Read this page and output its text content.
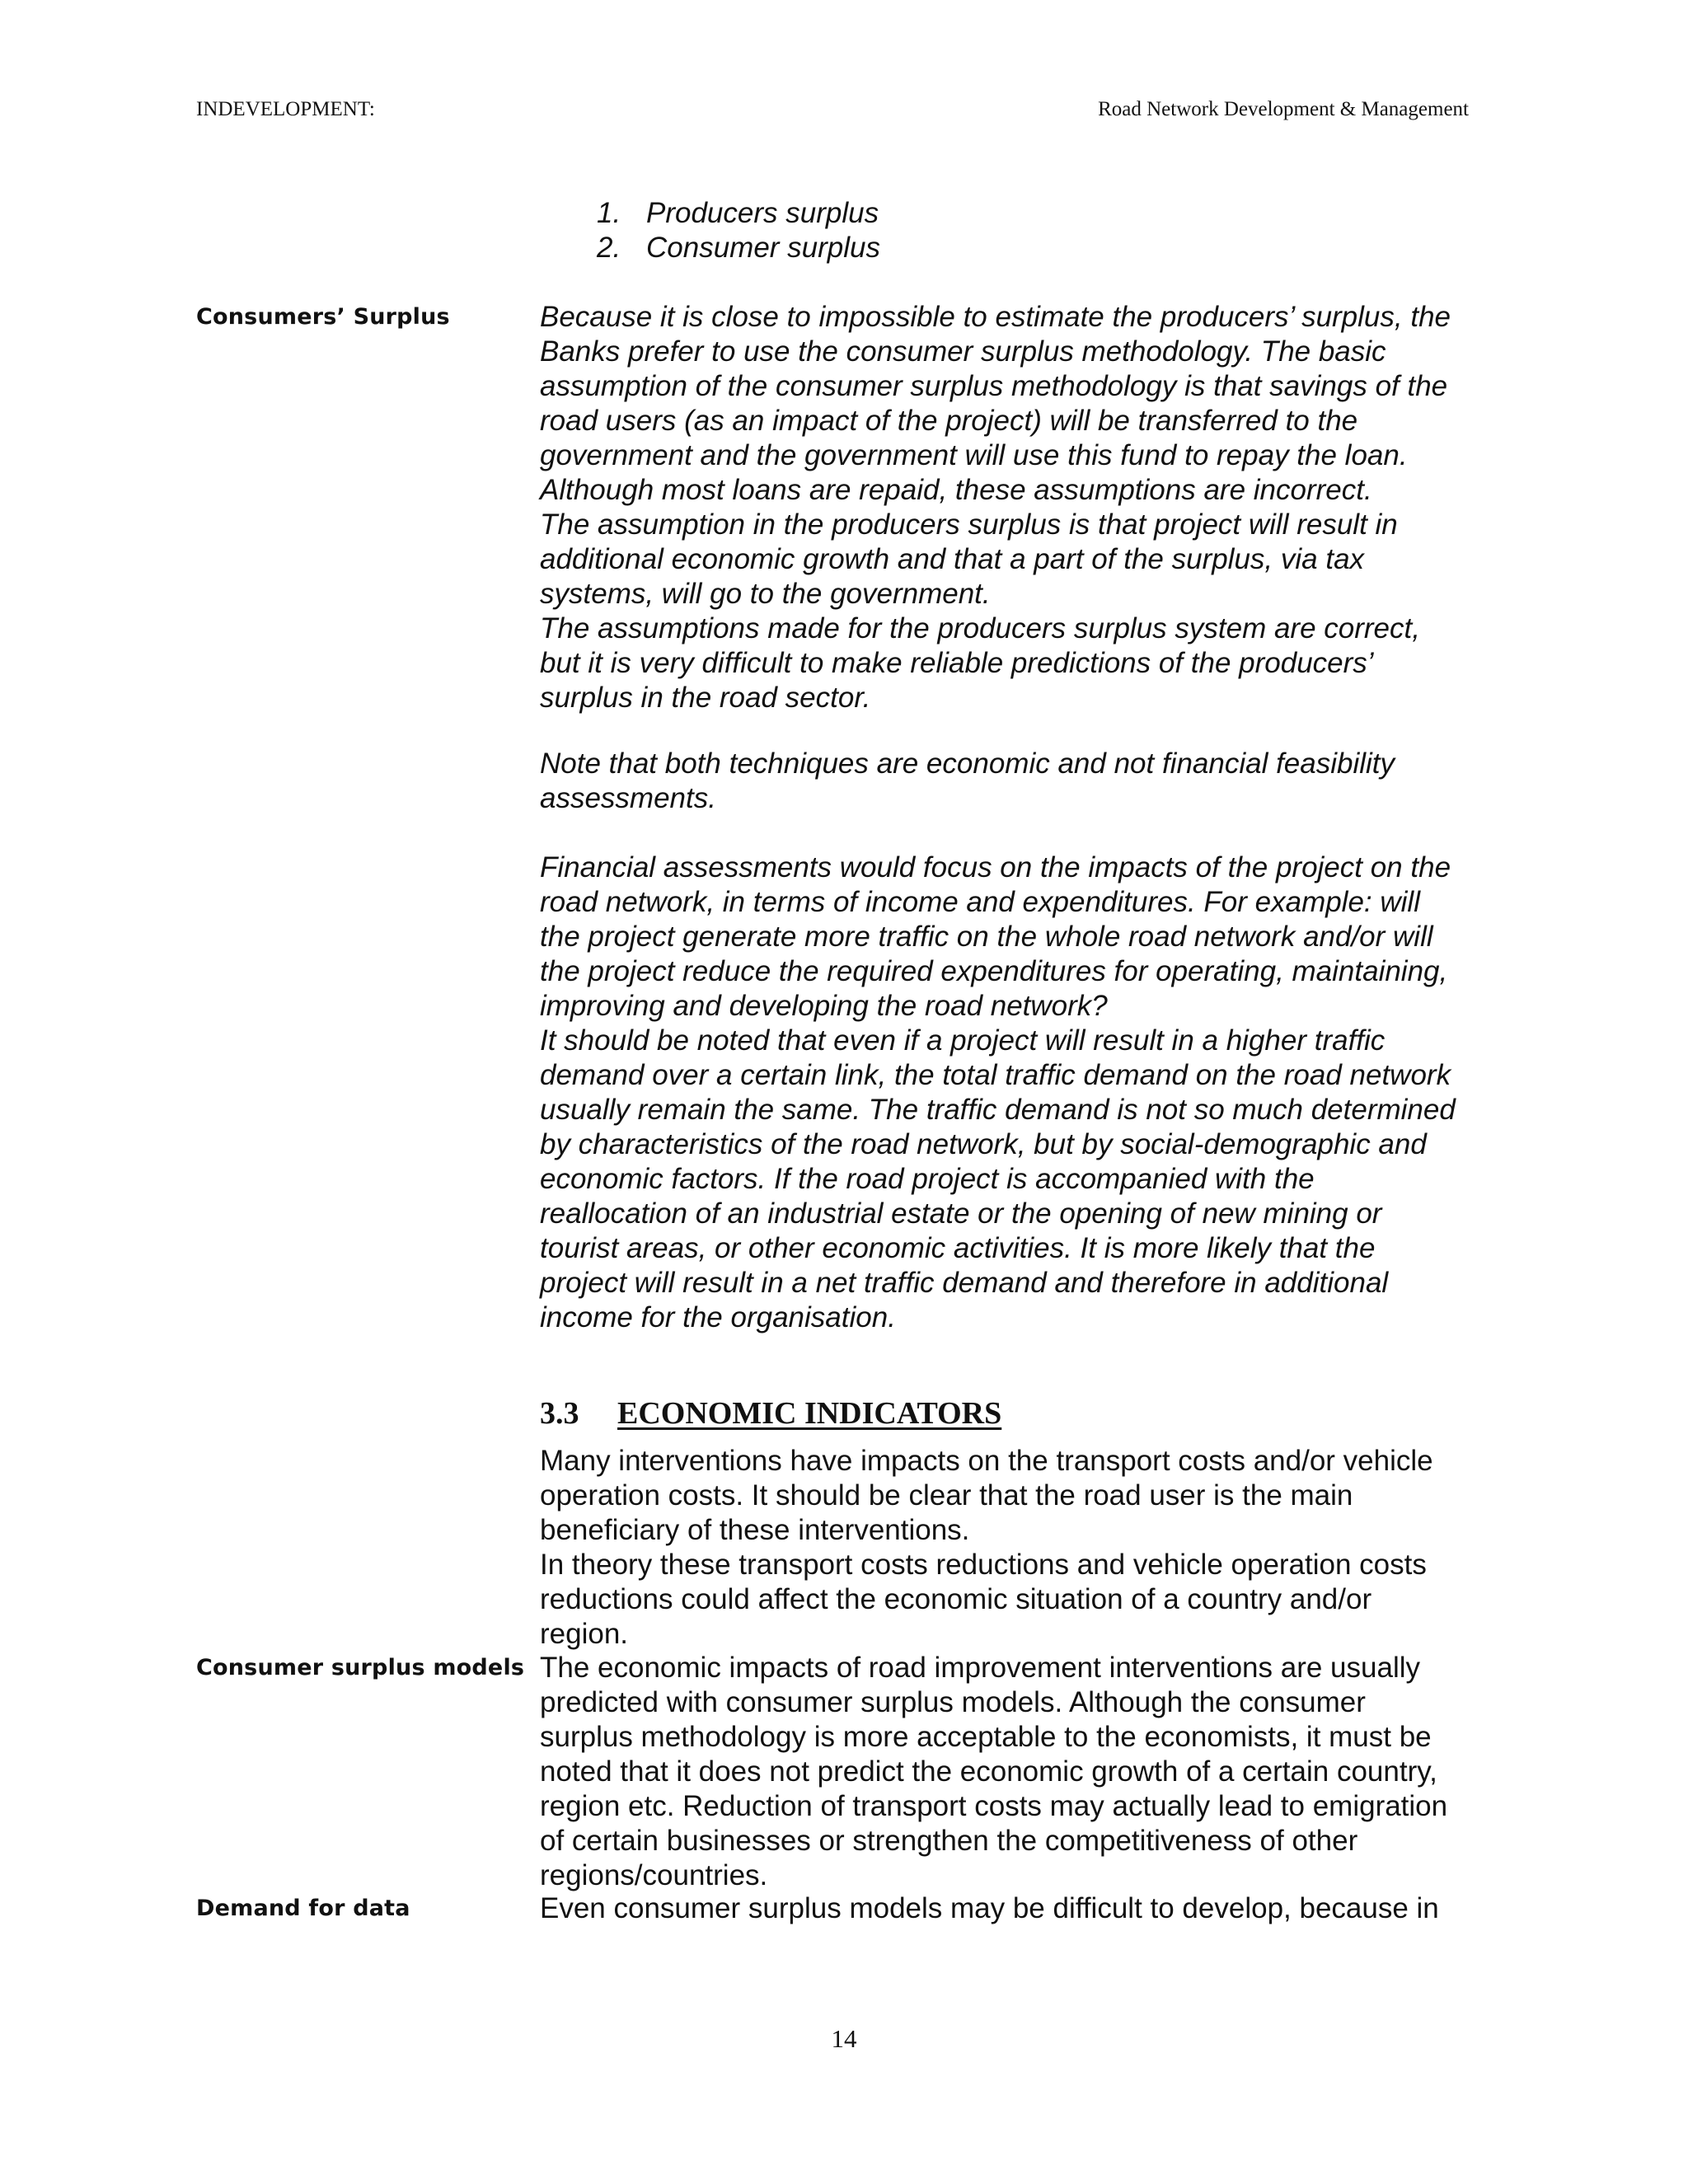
INDEVELOPMENT:	Road Network Development & Management
1. Producers surplus
2. Consumer surplus
Consumers’ Surplus
Consumer surplus models
Demand for data
Because it is close to impossible to estimate the producers’ surplus, the
Banks prefer to use the consumer surplus methodology. The basic
assumption of the consumer surplus methodology is that savings of the
road users (as an impact of the project) will be transferred to the
government and the government will use this fund to repay the loan.
Although most loans are repaid, these assumptions are incorrect.
The assumption in the producers surplus is that project will result in
additional economic growth and that a part of the surplus, via tax
systems, will go to the government.
The assumptions made for the producers surplus system are correct,
but it is very difficult to make reliable predictions of the producers’
surplus in the road sector.
Note that both techniques are economic and not financial feasibility
assessments.
Financial assessments would focus on the impacts of the project on the
road network, in terms of income and expenditures. For example: will
the project generate more traffic on the whole road network and/or will
the project reduce the required expenditures for operating, maintaining,
improving and developing the road network?
It should be noted that even if a project will result in a higher traffic
demand over a certain link, the total traffic demand on the road network
usually remain the same. The traffic demand is not so much determined
by characteristics of the road network, but by social-demographic and
economic factors. If the road project is accompanied with the
reallocation of an industrial estate or the opening of new mining or
tourist areas, or other economic activities. It is more likely that the
project will result in a net traffic demand and therefore in additional
income for the organisation.
3.3 ECONOMIC INDICATORS
Many interventions have impacts on the transport costs and/or vehicle
operation costs. It should be clear that the road user is the main
beneficiary of these interventions.
In theory these transport costs reductions and vehicle operation costs
reductions could affect the economic situation of a country and/or
region.
The economic impacts of road improvement interventions are usually
predicted with consumer surplus models. Although the consumer
surplus methodology is more acceptable to the economists, it must be
noted that it does not predict the economic growth of a certain country,
region etc. Reduction of transport costs may actually lead to emigration
of certain businesses or strengthen the competitiveness of other
regions/countries.
Even consumer surplus models may be difficult to develop, because in
14
